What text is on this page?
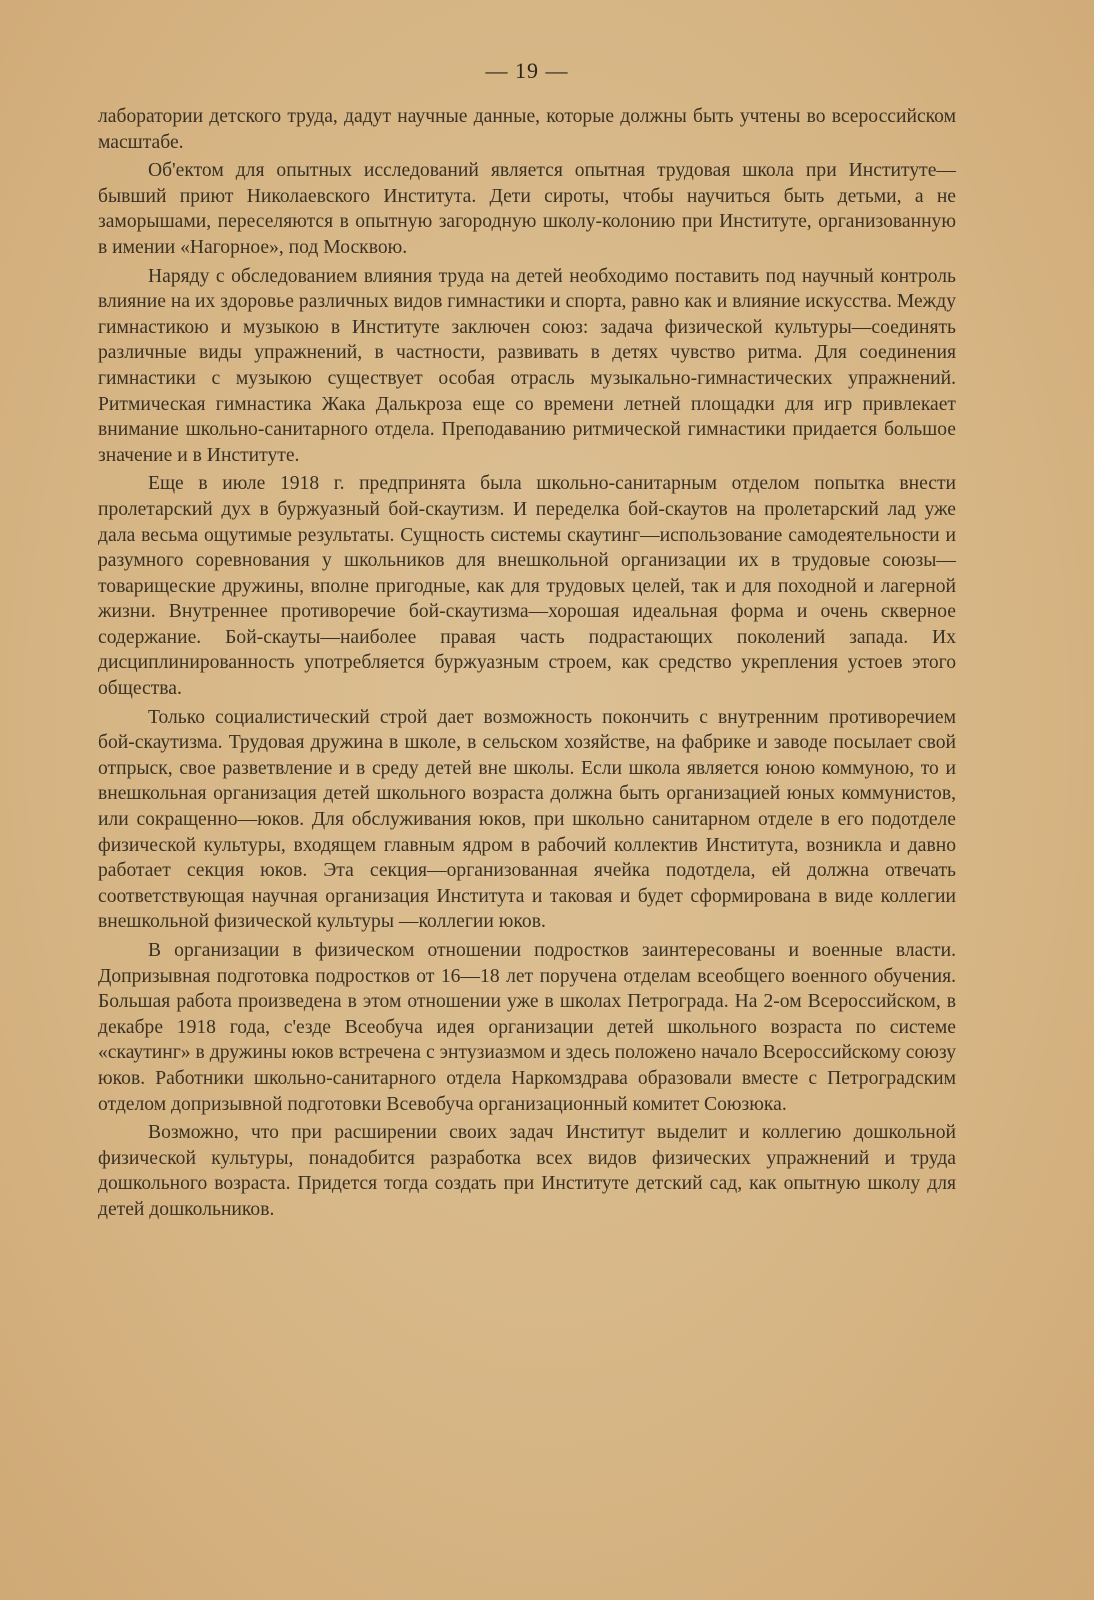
— 19 —

лаборатории детского труда, дадут научные данные, которые должны быть учтены во всероссийском масштабе.

Об'ектом для опытных исследований является опытная трудовая школа при Институте—бывший приют Николаевского Института. Дети сироты, чтобы научиться быть детьми, а не заморышами, переселяются в опытную загородную школу-колонию при Институте, организованную в имении «Нагорное», под Москвою.

Наряду с обследованием влияния труда на детей необходимо поставить под научный контроль влияние на их здоровье различных видов гимнастики и спорта, равно как и влияние искусства. Между гимнастикою и музыкою в Институте заключен союз: задача физической культуры—соединять различные виды упражнений, в частности, развивать в детях чувство ритма. Для соединения гимнастики с музыкою существует особая отрасль музыкально-гимнастических упражнений. Ритмическая гимнастика Жака Далькроза еще со времени летней площадки для игр привлекает внимание школьно-санитарного отдела. Преподаванию ритмической гимнастики придается большое значение и в Институте.

Еще в июле 1918 г. предпринята была школьно-санитарным отделом попытка внести пролетарский дух в буржуазный бой-скаутизм. И переделка бой-скаутов на пролетарский лад уже дала весьма ощутимые результаты. Сущность системы скаутинг—использование самодеятельности и разумного соревнования у школьников для внешкольной организации их в трудовые союзы—товарищеские дружины, вполне пригодные, как для трудовых целей, так и для походной и лагерной жизни. Внутреннее противоречие бой-скаутизма—хорошая идеальная форма и очень скверное содержание. Бой-скауты—наиболее правая часть подрастающих поколений запада. Их дисциплинированность употребляется буржуазным строем, как средство укрепления устоев этого общества.

Только социалистический строй дает возможность покончить с внутренним противоречием бой-скаутизма. Трудовая дружина в школе, в сельском хозяйстве, на фабрике и заводе посылает свой отпрыск, свое разветвление и в среду детей вне школы. Если школа является юною коммуною, то и внешкольная организация детей школьного возраста должна быть организацией юных коммунистов, или сокращенно—юков. Для обслуживания юков, при школьно санитарном отделе в его подотделе физической культуры, входящем главным ядром в рабочий коллектив Института, возникла и давно работает секция юков. Эта секция—организованная ячейка подотдела, ей должна отвечать соответствующая научная организация Института и таковая и будет сформирована в виде коллегии внешкольной физической культуры —коллегии юков.

В организации в физическом отношении подростков заинтересованы и военные власти. Допризывная подготовка подростков от 16—18 лет поручена отделам всеобщего военного обучения. Большая работа произведена в этом отношении уже в школах Петрограда. На 2-ом Всероссийском, в декабре 1918 года, с'езде Всеобуча идея организации детей школьного возраста по системе «скаутинг» в дружины юков встречена с энтузиазмом и здесь положено начало Всероссийскому союзу юков. Работники школьно-санитарного отдела Наркомздрава образовали вместе с Петроградским отделом допризывной подготовки Всевобуча организационный комитет Союзюка.

Возможно, что при расширении своих задач Институт выделит и коллегию дошкольной физической культуры, понадобится разработка всех видов физических упражнений и труда дошкольного возраста. Придется тогда создать при Институте детский сад, как опытную школу для детей дошкольников.
